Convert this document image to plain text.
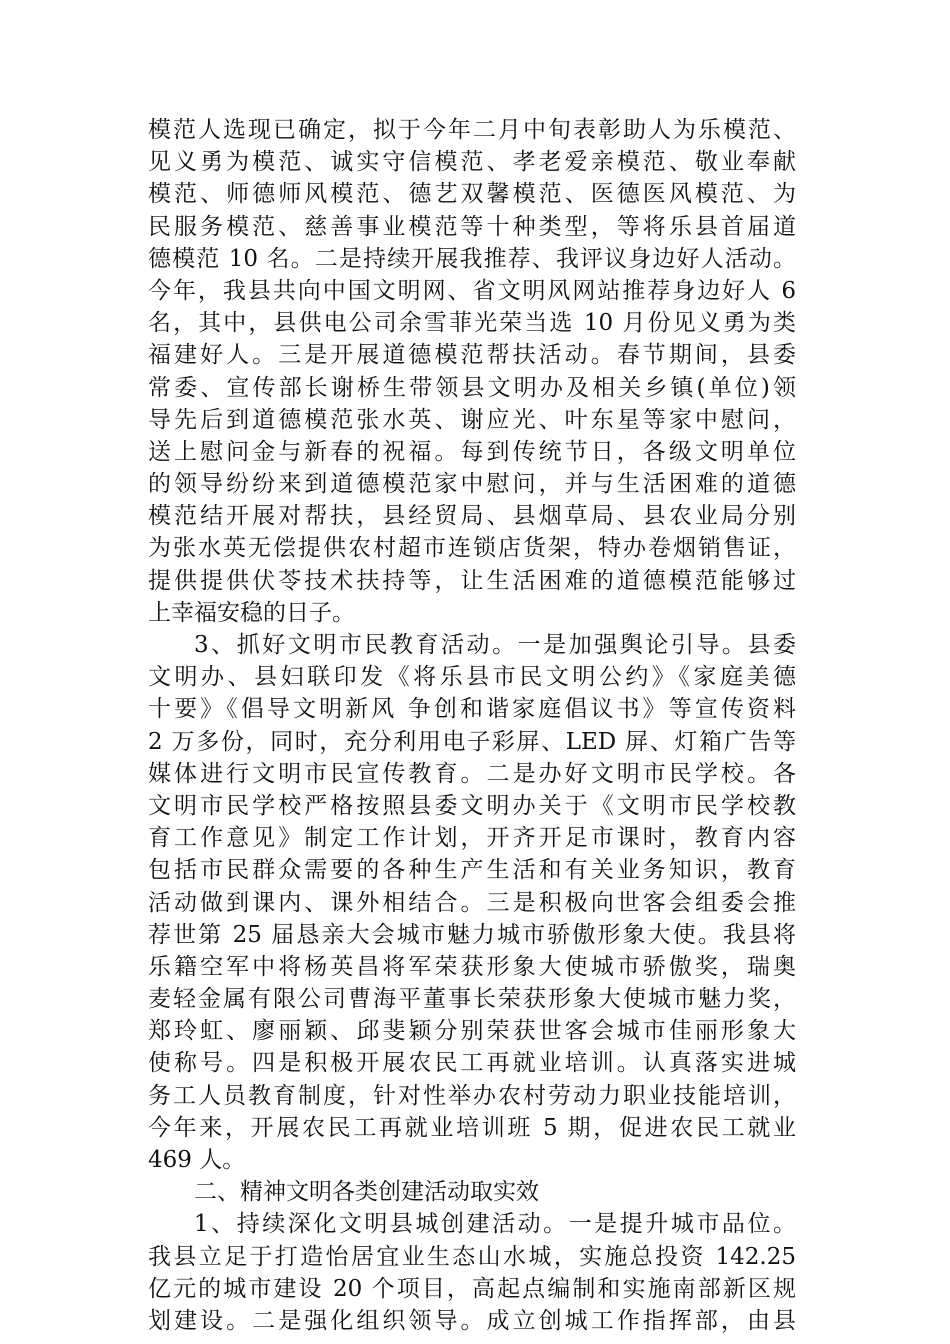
模范人选现已确定，拟于今年二月中旬表彰助人为乐模范、
见义勇为模范、诚实守信模范、孝老爱亲模范、敬业奉献
模范、师德师风模范、德艺双馨模范、医德医风模范、为
民服务模范、慈善事业模范等十种类型，等将乐县首届道
德模范 10 名。二是持续开展我推荐、我评议身边好人活动。
今年，我县共向中国文明网、省文明风网站推荐身边好人 6
名，其中，县供电公司余雪菲光荣当选 10 月份见义勇为类
福建好人。三是开展道德模范帮扶活动。春节期间，县委
常委、宣传部长谢桥生带领县文明办及相关乡镇(单位)领
导先后到道德模范张水英、谢应光、叶东星等家中慰问，
送上慰问金与新春的祝福。每到传统节日，各级文明单位
的领导纷纷来到道德模范家中慰问，并与生活困难的道德
模范结开展对帮扶，县经贸局、县烟草局、县农业局分别
为张水英无偿提供农村超市连锁店货架，特办卷烟销售证，
提供提供伏苓技术扶持等，让生活困难的道德模范能够过
上幸福安稳的日子。
3、抓好文明市民教育活动。一是加强舆论引导。县委
文明办、县妇联印发《将乐县市民文明公约》《家庭美德
十要》《倡导文明新风 争创和谐家庭倡议书》等宣传资料
2 万多份，同时，充分利用电子彩屏、LED 屏、灯箱广告等
媒体进行文明市民宣传教育。二是办好文明市民学校。各
文明市民学校严格按照县委文明办关于《文明市民学校教
育工作意见》制定工作计划，开齐开足市课时，教育内容
包括市民群众需要的各种生产生活和有关业务知识，教育
活动做到课内、课外相结合。三是积极向世客会组委会推
荐世第 25 届恳亲大会城市魅力城市骄傲形象大使。我县将
乐籍空军中将杨英昌将军荣获形象大使城市骄傲奖，瑞奥
麦轻金属有限公司曹海平董事长荣获形象大使城市魅力奖，
郑玲虹、廖丽颖、邱斐颖分别荣获世客会城市佳丽形象大
使称号。四是积极开展农民工再就业培训。认真落实进城
务工人员教育制度，针对性举办农村劳动力职业技能培训，
今年来，开展农民工再就业培训班 5 期，促进农民工就业
469 人。
二、精神文明各类创建活动取实效
1、持续深化文明县城创建活动。一是提升城市品位。
我县立足于打造怡居宜业生态山水城，实施总投资 142.25
亿元的城市建设 20 个项目，高起点编制和实施南部新区规
划建设。二是强化组织领导。成立创城工作指挥部，由县
